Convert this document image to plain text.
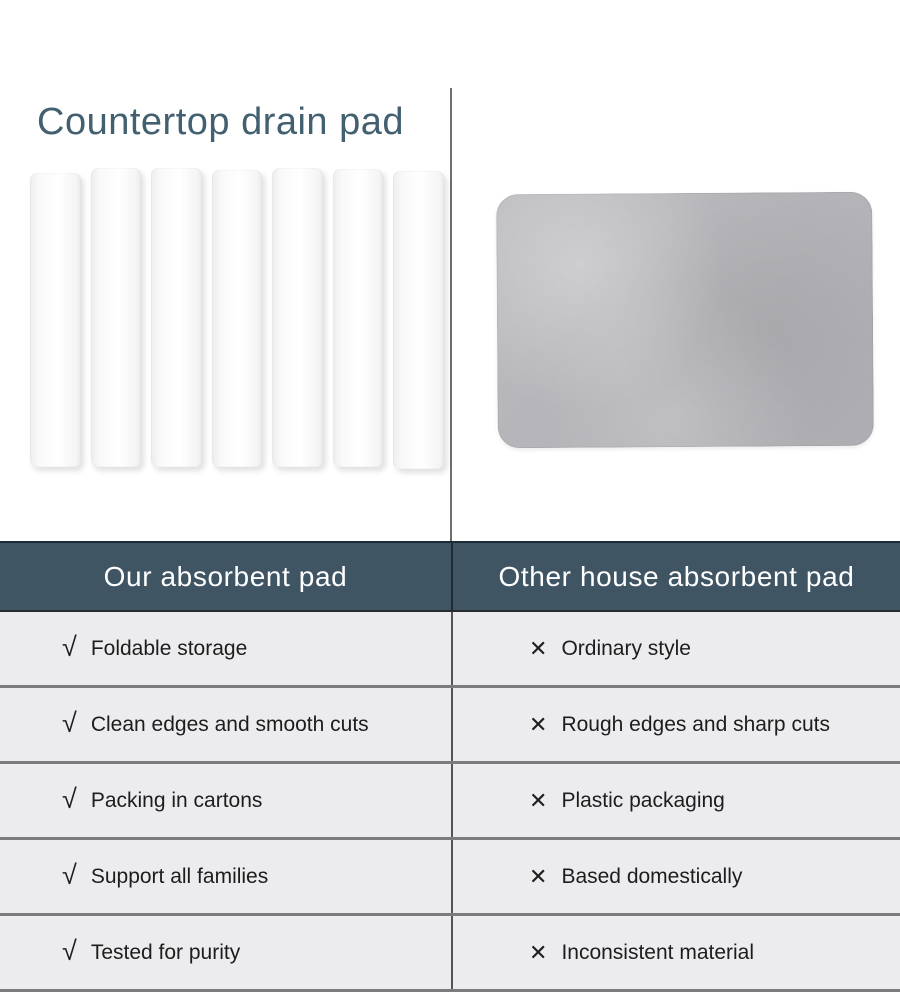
Countertop drain pad
Our absorbent pad	Other house absorbent pad
√ Foldable storage	✕ Ordinary style
√ Clean edges and smooth cuts	✕ Rough edges and sharp cuts
√ Packing in cartons	✕ Plastic packaging
√ Support all families	✕ Based domestically
√ Tested for purity	✕ Inconsistent material
